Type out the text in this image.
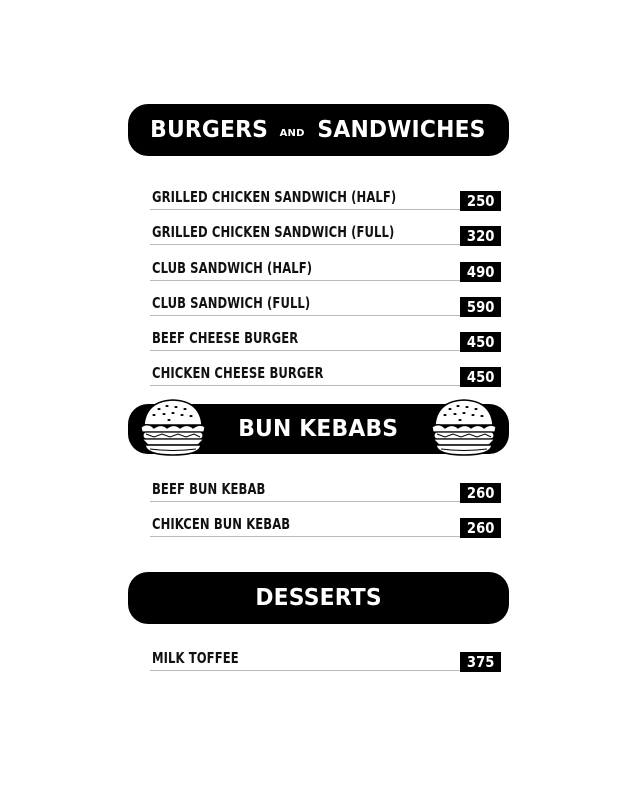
BURGERS AND SANDWICHES
GRILLED CHICKEN SANDWICH (HALF)	250
GRILLED CHICKEN SANDWICH (FULL)	320
CLUB SANDWICH (HALF)	490
CLUB SANDWICH (FULL)	590
BEEF CHEESE BURGER	450
CHICKEN CHEESE BURGER	450
BUN KEBABS
BEEF BUN KEBAB	260
CHIKCEN BUN KEBAB	260
DESSERTS
MILK TOFFEE	375
